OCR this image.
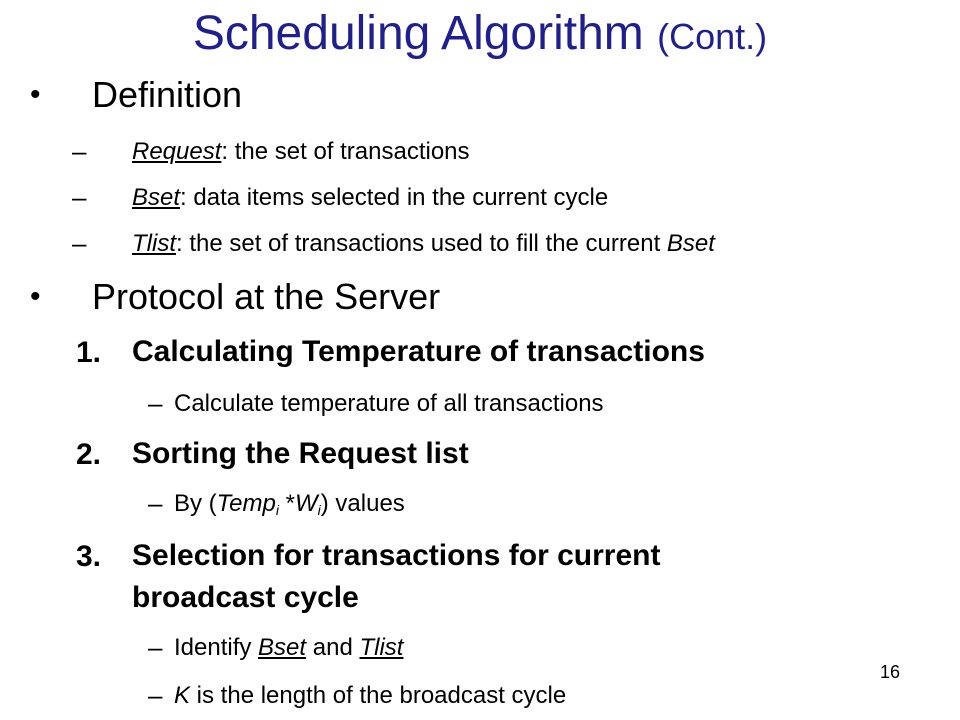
Scheduling Algorithm (Cont.)
• Definition
– Request: the set of transactions
– Bset: data items selected in the current cycle
– Tlist: the set of transactions used to fill the current Bset
• Protocol at the Server
1. Calculating Temperature of transactions
– Calculate temperature of all transactions
2. Sorting the Request list
– By (Tempi *Wi) values
3. Selection for transactions for current
broadcast cycle
– Identify Bset and Tlist
– K is the length of the broadcast cycle
16
